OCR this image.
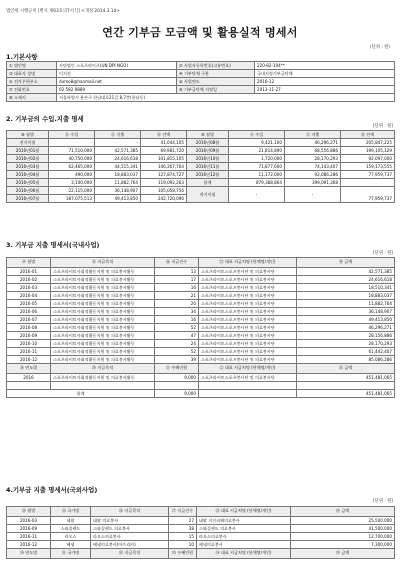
법인세 시행규칙 [별지 제63호의7서식] <개정 2014.3.14>
연간 기부금 모금액 및 활용실적 명세서
(단위 : 원)
1.기본사항
① 법인명	사단법인 스포츠라이츠(UN DPI NGO)	② 사업자등록번호(고유번호)	220-82-104**
③ 대표자 성명	이지선	④ 기부단체 구분	국내지정기부금단체
⑤ 전자우편주소	dumo8@hanmail.net	⑥ 사업연도	2016-12
⑦ 전화번호	02 582 9889	⑧ 기부금단체 지정일	2013-11-27
⑨ 소재지	서울특별시 용산구 한남대로21길 8,7층(한남동)		
2. 기부금의 수입.지출 명세
[단위 : 원]
⑩ 월별	⑪ 수입	⑫ 지출	⑬ 잔액	⑩ 월별	⑪ 수입	⑫ 지출	⑬ 잔액
전기이월	-	-	41,044,105	2016년08월	9,421,100	46,296,271	205,847,225
2016년01월	71,510,000	42,571,385	69,981,720	2016년09월	21,814,890	68,556,886	199,105,129
2016년02월	40,750,000	24,616,618	101,815,105	2016년10월	1,720,000	28,170,293	92,097,000
2016년03월	62,465,000	44,515,341	146,267,764	2016년11월	71,877,600	74,143,407	159,173,555
2016년04월	490,000	18,883,037	127,874,727	2016년12월	11,172,000	92,086,286	77,959,737
2016년05월	3,100,000	11,882,764	119,092,263	합계	879,388,864	399,091,368	
2016년06월	22,115,000	36,148,907	105,058,756	차기이월	-	-	77,959,737
2016년07월	187,075,513	49,413,850	242,720,096				
3. 기부금 지출 명세서(국내사업)
[단위 : 원]
⑭ 월별	⑮ 지급목적	⑯ 지급건수	⑰ 대표 지급처명 (단체명/개인)	⑱ 금액
2016-01	스포츠라이트사회적활동지원 및 의료봉사활동	13	스포츠라이트스포츠봉사단 및 의료봉사단	42,571,385
2016-02	스포츠라이트사회적활동지원 및 의료봉사활동	17	스포츠라이트스포츠봉사단 및 의료봉사단	24,616,618
2016-03	스포츠라이트사회적활동지원 및 의료봉사활동	16	스포츠라이트스포츠봉사단 및 의료봉사단	18,510,341
2016-04	스포츠라이트사회적활동지원 및 의료봉사활동	21	스포츠라이트스포츠봉사단 및 의료봉사단	18,883,037
2016-05	스포츠라이트사회적활동지원 및 의료봉사활동	20	스포츠라이트스포츠봉사단 및 의료봉사단	11,882,764
2016-06	스포츠라이트사회적활동지원 및 의료봉사활동	34	스포츠라이트스포츠봉사단 및 의료봉사단	36,148,907
2016-07	스포츠라이트사회적활동지원 및 의료봉사활동	16	스포츠라이트스포츠봉사단 및 의료봉사단	49,413,850
2016-08	스포츠라이트사회적활동지원 및 의료봉사활동	52	스포츠라이트스포츠봉사단 및 의료봉사단	46,296,271
2016-09	스포츠라이트사회적활동지원 및 의료봉사활동	47	스포츠라이트스포츠봉사단 및 의료봉사단	28,156,886
2016-10	스포츠라이트사회적활동지원 및 의료봉사활동	24	스포츠라이트스포츠봉사단 및 의료봉사단	28,170,293
2016-11	스포츠라이트사회적활동지원 및 의료봉사활동	52	스포츠라이트스포츠봉사단 및 의료봉사단	61,442,407
2016-12	스포츠라이트사회적활동지원 및 의료봉사활동	39	스포츠라이트스포츠봉사단 및 의료봉사단	85,086,286
⑲ 연도별	⑳ 지급목적	㉑ 수혜인원	㉒ 대표 지급처명 (단체명/개인)	㉓ 금액
2016	스포츠라이트사회적활동지원 및 의료봉사활동	9,000	스포츠라이트스포츠봉사단 및 의료봉사단	451,481,065

합계		9,000		451,481,065
4.기부금 지출 명세서(국외사업)
[단위 : 원]
㉔ 월별	㉕ 국가명	㉖ 지급목적	㉗ 지급건수	㉘ 대표 지급처명 (단체명/개인)	㉙ 금액
2016-03	네팔	네팔 의료봉사	27	네팔 지진피해의료봉사	25,500,000
2016-09	스와질랜드	스와질랜드 의료봉사	38	스와질랜드 의료봉사	41,500,000
2016-11	라오스	라오스의료봉사	15	라오스의료봉사	12,700,000
2016-12	베냉	베냉의료봉사(아프리카)	10	베냉의료봉사	7,300,000
㉚ 연도별	㉛ 국가명	㉜ 지급목적	㉝ 수혜인원	㉞ 대표 지급처명 (단체명/개인)	㉟ 금액
